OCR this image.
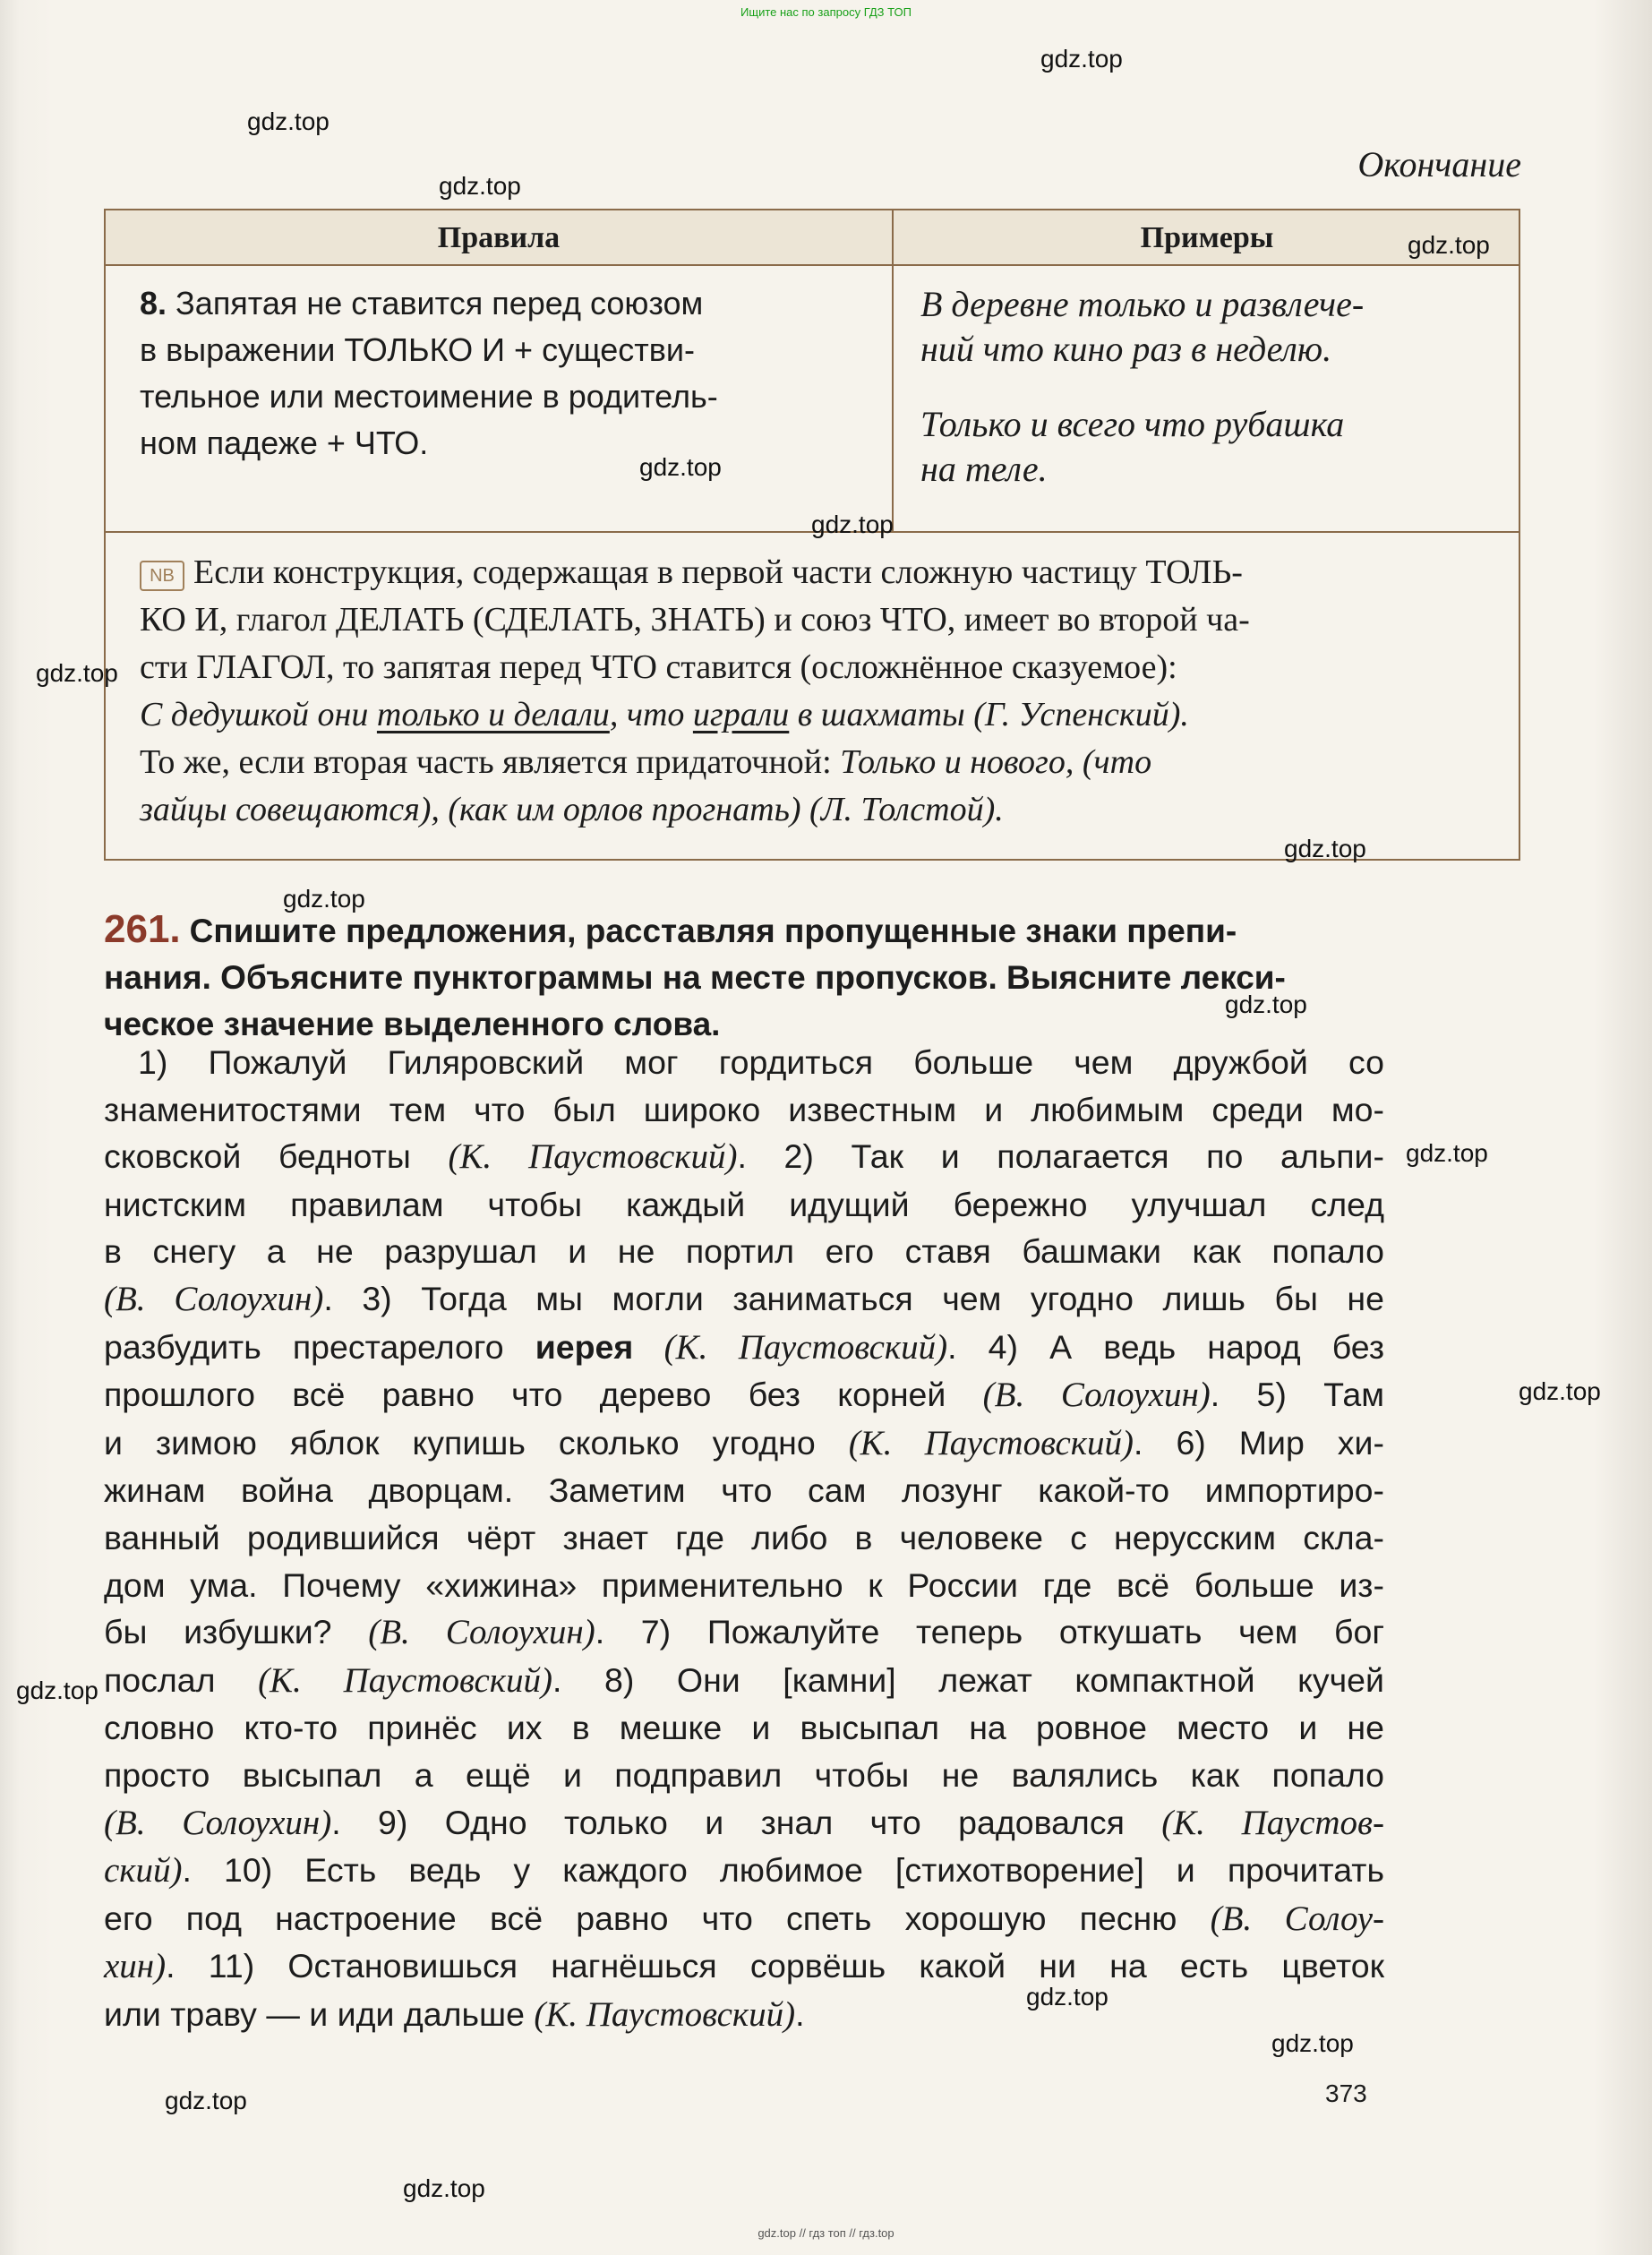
Ищите нас по запросу ГДЗ ТОП
gdz.top
gdz.top
gdz.top
gdz.top
gdz.top
gdz.top
gdz.top
gdz.top
gdz.top
gdz.top
gdz.top
gdz.top
gdz.top
gdz.top
gdz.top
gdz.top
gdz.top
Окончание
Правила	Примеры
8. Запятая не ставится перед союзом
в выражении ТОЛЬКО И + существи-
тельное или местоимение в родитель-
ном падеже + ЧТО.
В деревне только и развлече-
ний что кино раз в неделю.
Только и всего что рубашка
на теле.
NB Если конструкция, содержащая в первой части сложную частицу ТОЛЬ-
КО И, глагол ДЕЛАТЬ (СДЕЛАТЬ, ЗНАТЬ) и союз ЧТО, имеет во второй ча-
сти ГЛАГОЛ, то запятая перед ЧТО ставится (осложнённое сказуемое):
С дедушкой они только и делали, что играли в шахматы (Г. Успенский).
То же, если вторая часть является придаточной: Только и нового, (что
зайцы совещаются), (как им орлов прогнать) (Л. Толстой).
261. Спишите предложения, расставляя пропущенные знаки препи-
нания. Объясните пунктограммы на месте пропусков. Выясните лекси-
ческое значение выделенного слова.
1) Пожалуй Гиляровский мог гордиться больше чем дружбой со
знаменитостями тем что был широко известным и любимым среди мо-
сковской бедноты (К. Паустовский). 2) Так и полагается по альпи-
нистским правилам чтобы каждый идущий бережно улучшал след
в снегу а не разрушал и не портил его ставя башмаки как попало
(В. Солоухин). 3) Тогда мы могли заниматься чем угодно лишь бы не
разбудить престарелого иерея (К. Паустовский). 4) А ведь народ без
прошлого всё равно что дерево без корней (В. Солоухин). 5) Там
и зимою яблок купишь сколько угодно (К. Паустовский). 6) Мир хи-
жинам война дворцам. Заметим что сам лозунг какой-то импортиро-
ванный родившийся чёрт знает где либо в человеке с нерусским скла-
дом ума. Почему «хижина» применительно к России где всё больше из-
бы избушки? (В. Солоухин). 7) Пожалуйте теперь откушать чем бог
послал (К. Паустовский). 8) Они [камни] лежат компактной кучей
словно кто-то принёс их в мешке и высыпал на ровное место и не
просто высыпал а ещё и подправил чтобы не валялись как попало
(В. Солоухин). 9) Одно только и знал что радовался (К. Паустов-
ский). 10) Есть ведь у каждого любимое [стихотворение] и прочитать
его под настроение всё равно что спеть хорошую песню (В. Солоу-
хин). 11) Остановишься нагнёшься сорвёшь какой ни на есть цветок
или траву — и иди дальше (К. Паустовский).
373
gdz.top // гдз топ // гдз.top
